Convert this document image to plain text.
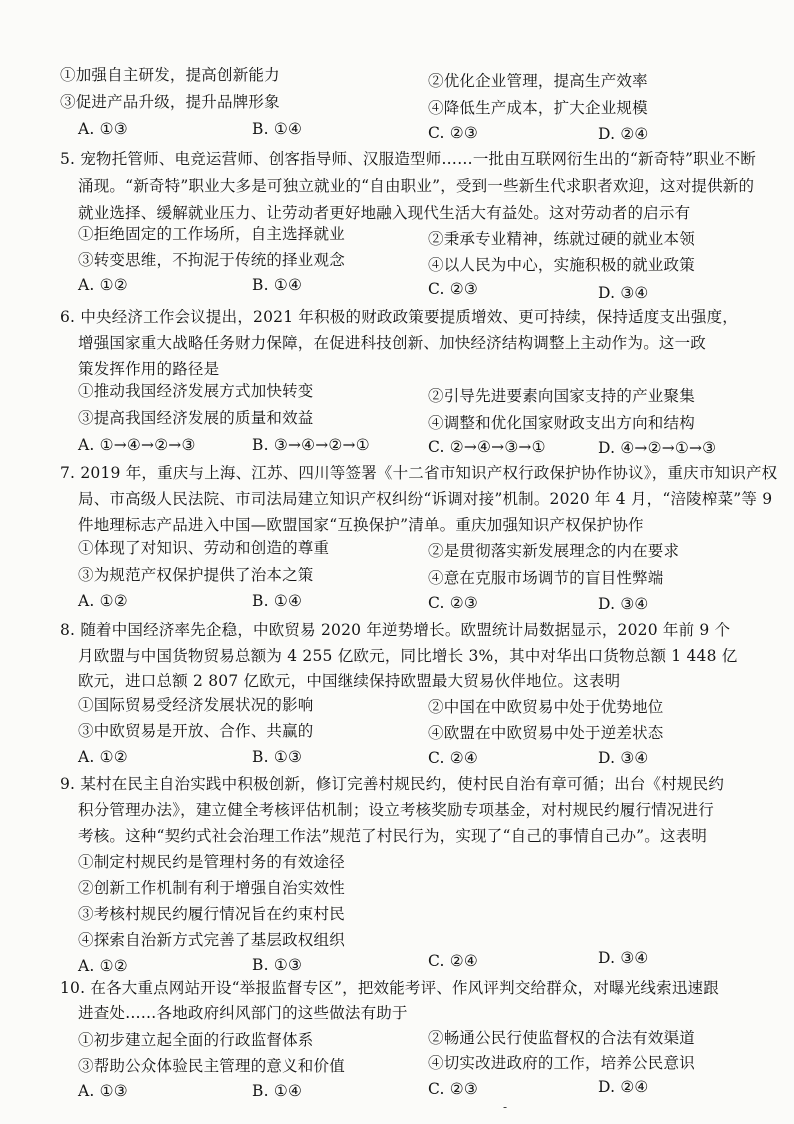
①加强自主研发，提高创新能力	②优化企业管理，提高生产效率
③促进产品升级，提升品牌形象	④降低生产成本，扩大企业规模
A. ①③	B. ①④	C. ②③	D. ②④
5. 宠物托管师、电竞运营师、创客指导师、汉服造型师……一批由互联网衍生出的“新奇特”职业不断
涌现。“新奇特”职业大多是可独立就业的“自由职业”，受到一些新生代求职者欢迎，这对提供新的
就业选择、缓解就业压力、让劳动者更好地融入现代生活大有益处。这对劳动者的启示有
①拒绝固定的工作场所，自主选择就业	②秉承专业精神，练就过硬的就业本领
③转变思维，不拘泥于传统的择业观念	④以人民为中心，实施积极的就业政策
A. ①②	B. ①④	C. ②③	D. ③④
6. 中央经济工作会议提出，2021 年积极的财政政策要提质增效、更可持续，保持适度支出强度，
增强国家重大战略任务财力保障，在促进科技创新、加快经济结构调整上主动作为。这一政
策发挥作用的路径是
①推动我国经济发展方式加快转变	②引导先进要素向国家支持的产业聚集
③提高我国经济发展的质量和效益	④调整和优化国家财政支出方向和结构
A. ①→④→②→③	B. ③→④→②→①	C. ②→④→③→①	D. ④→②→①→③
7. 2019 年，重庆与上海、江苏、四川等签署《十二省市知识产权行政保护协作协议》，重庆市知识产权
局、市高级人民法院、市司法局建立知识产权纠纷“诉调对接”机制。2020 年 4 月，“涪陵榨菜”等 9
件地理标志产品进入中国—欧盟国家“互换保护”清单。重庆加强知识产权保护协作
①体现了对知识、劳动和创造的尊重	②是贯彻落实新发展理念的内在要求
③为规范产权保护提供了治本之策	④意在克服市场调节的盲目性弊端
A. ①②	B. ①④	C. ②③	D. ③④
8. 随着中国经济率先企稳，中欧贸易 2020 年逆势增长。欧盟统计局数据显示，2020 年前 9 个
月欧盟与中国货物贸易总额为 4 255 亿欧元，同比增长 3%，其中对华出口货物总额 1 448 亿
欧元，进口总额 2 807 亿欧元，中国继续保持欧盟最大贸易伙伴地位。这表明
①国际贸易受经济发展状况的影响	②中国在中欧贸易中处于优势地位
③中欧贸易是开放、合作、共赢的	④欧盟在中欧贸易中处于逆差状态
A. ①②	B. ①③	C. ②④	D. ③④
9. 某村在民主自治实践中积极创新，修订完善村规民约，使村民自治有章可循；出台《村规民约
积分管理办法》，建立健全考核评估机制；设立考核奖励专项基金，对村规民约履行情况进行
考核。这种“契约式社会治理工作法”规范了村民行为，实现了“自己的事情自己办”。这表明
①制定村规民约是管理村务的有效途径
②创新工作机制有利于增强自治实效性
③考核村规民约履行情况旨在约束村民
④探索自治新方式完善了基层政权组织
A. ①②	B. ①③	C. ②④	D. ③④
10. 在各大重点网站开设“举报监督专区”，把效能考评、作风评判交给群众，对曝光线索迅速跟
进查处……各地政府纠风部门的这些做法有助于
①初步建立起全面的行政监督体系	②畅通公民行使监督权的合法有效渠道
③帮助公众体验民主管理的意义和价值	④切实改进政府的工作，培养公民意识
A. ①③	B. ①④	C. ②③	D. ②④
-
